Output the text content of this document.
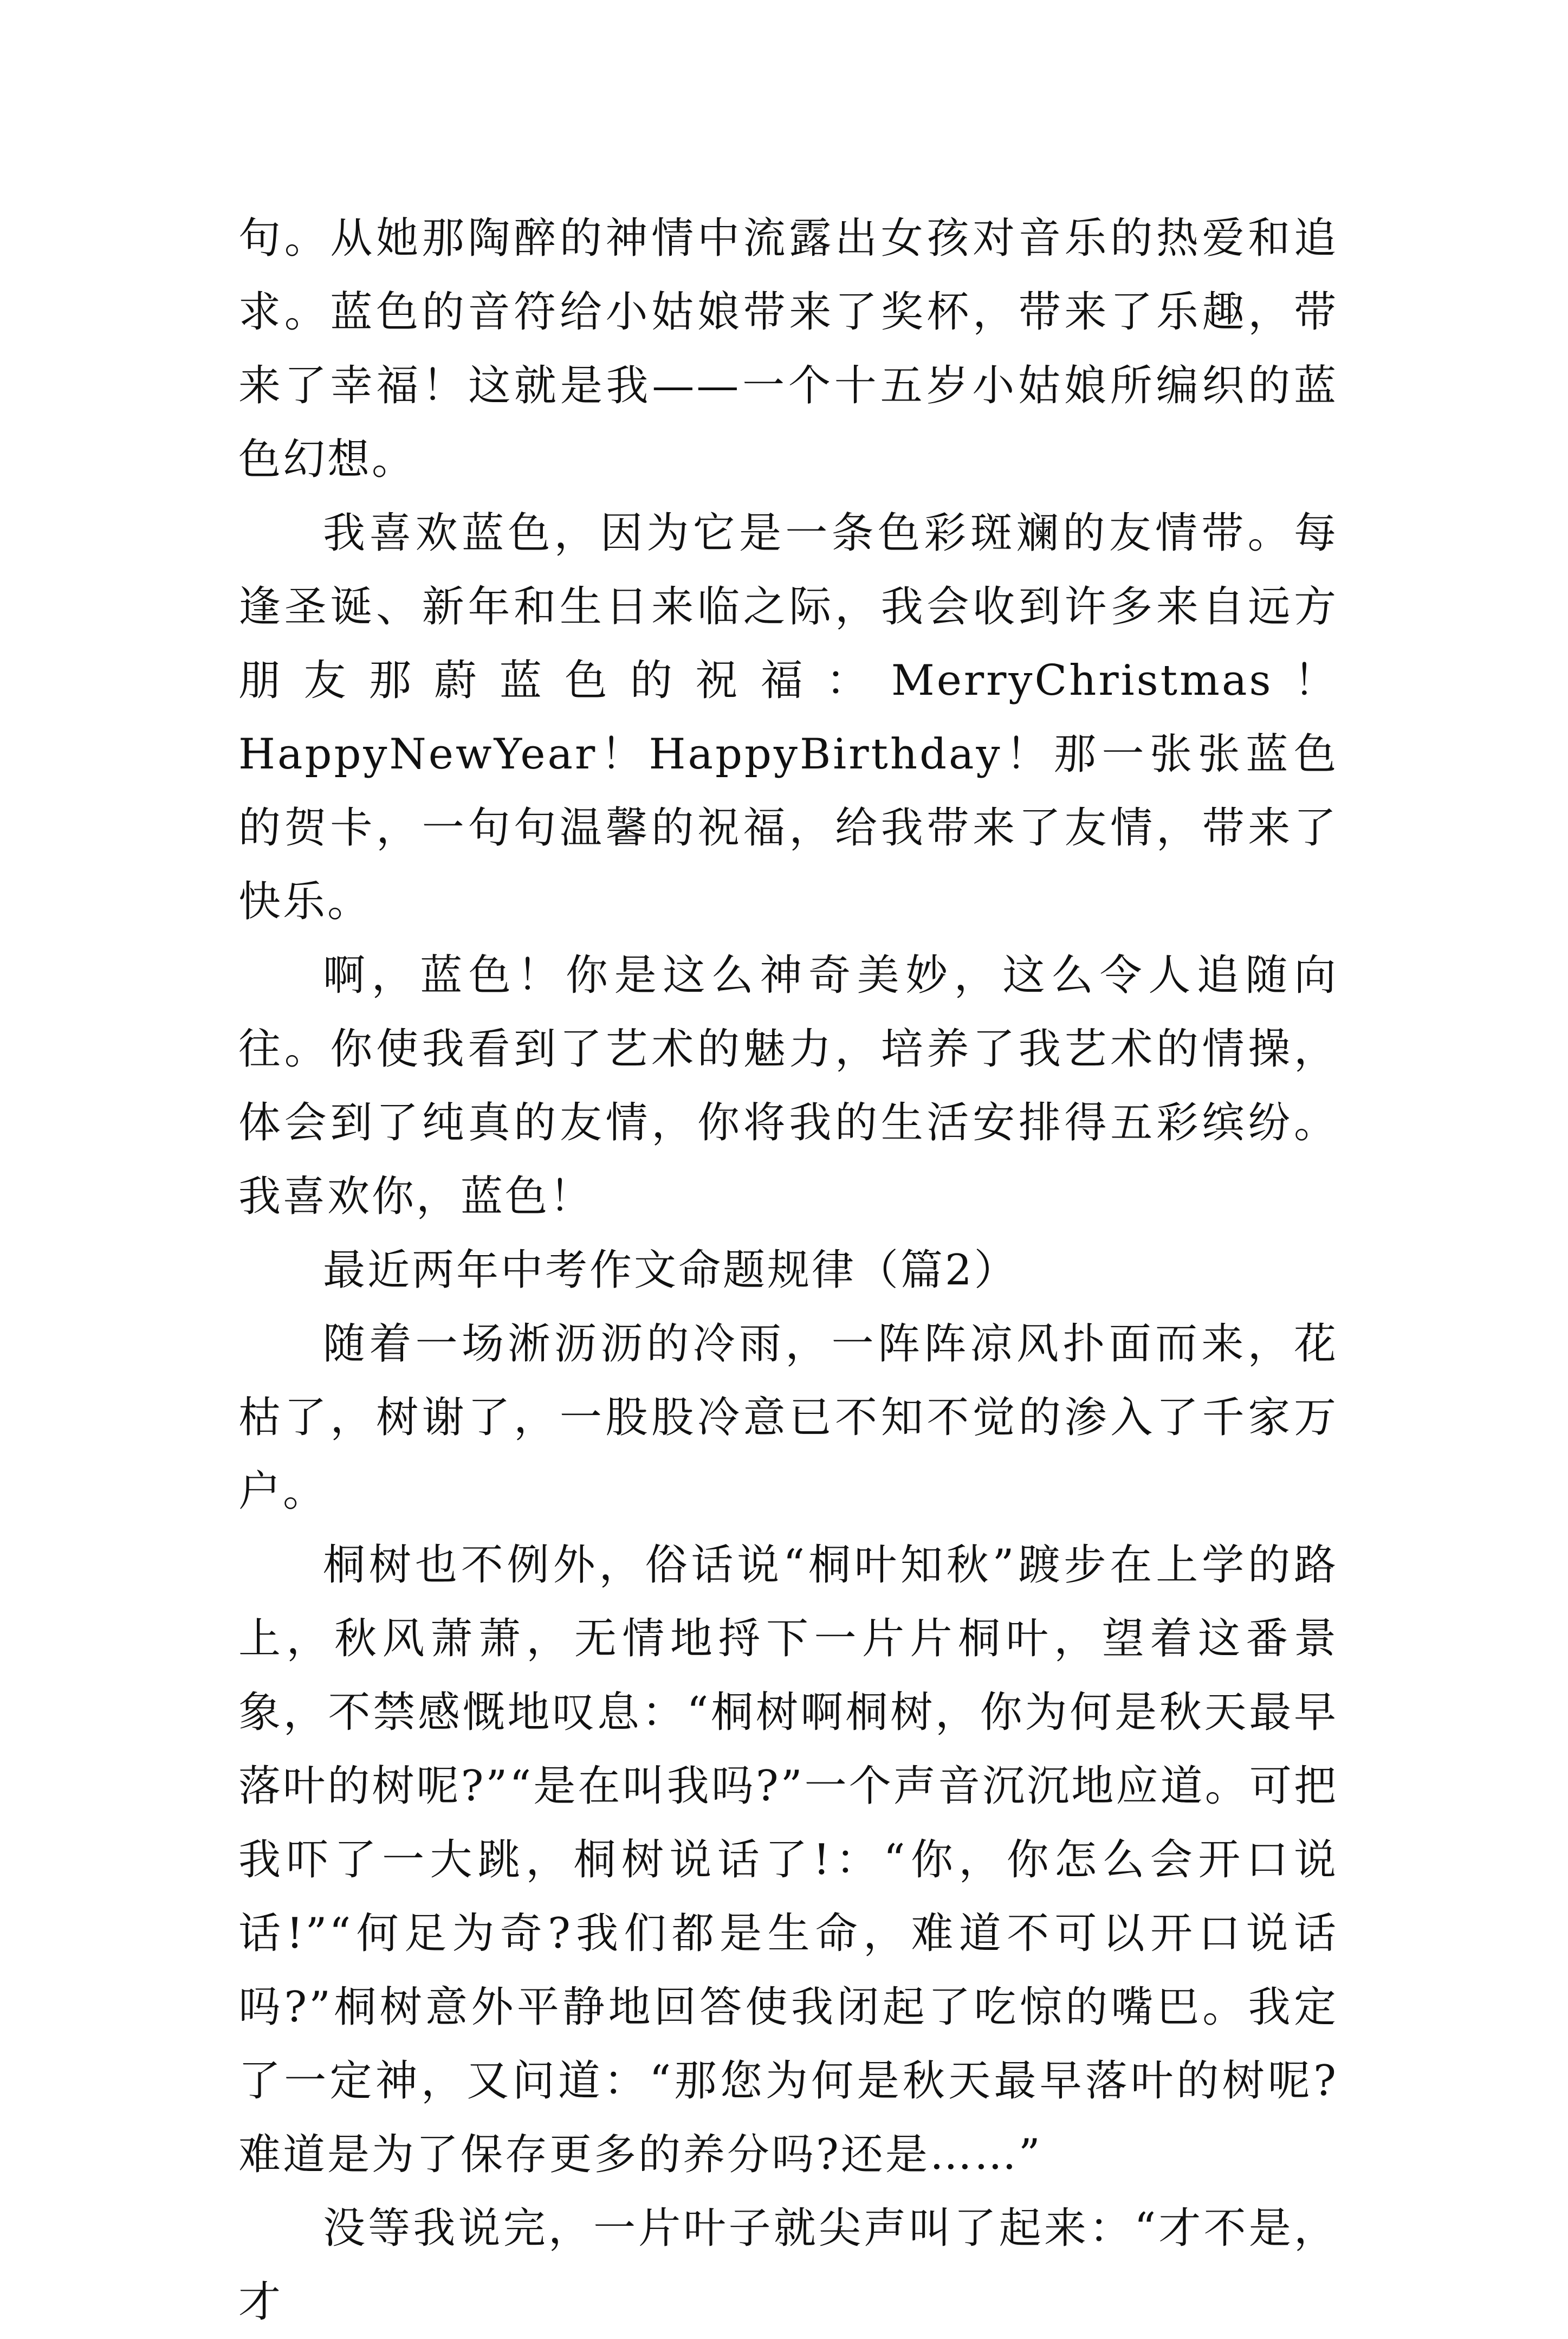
句。从她那陶醉的神情中流露出女孩对音乐的热爱和追求。蓝色的音符给小姑娘带来了奖杯，带来了乐趣，带来了幸福！这就是我——一个十五岁小姑娘所编织的蓝色幻想。

我喜欢蓝色，因为它是一条色彩斑斓的友情带。每逢圣诞、新年和生日来临之际，我会收到许多来自远方朋友那蔚蓝色的祝福：MerryChristmas！HappyNewYear！HappyBirthday！那一张张蓝色的贺卡，一句句温馨的祝福，给我带来了友情，带来了快乐。

啊，蓝色！你是这么神奇美妙，这么令人追随向往。你使我看到了艺术的魅力，培养了我艺术的情操，体会到了纯真的友情，你将我的生活安排得五彩缤纷。我喜欢你，蓝色！

最近两年中考作文命题规律（篇2）

随着一场淅沥沥的冷雨，一阵阵凉风扑面而来，花枯了，树谢了，一股股冷意已不知不觉的渗入了千家万户。

桐树也不例外，俗话说“桐叶知秋”踱步在上学的路上，秋风萧萧，无情地捋下一片片桐叶，望着这番景象，不禁感慨地叹息：“桐树啊桐树，你为何是秋天最早落叶的树呢?”“是在叫我吗?”一个声音沉沉地应道。可把我吓了一大跳，桐树说话了!：“你，你怎么会开口说话!”“何足为奇?我们都是生命，难道不可以开口说话吗?”桐树意外平静地回答使我闭起了吃惊的嘴巴。我定了一定神，又问道：“那您为何是秋天最早落叶的树呢?难道是为了保存更多的养分吗?还是……”

没等我说完，一片叶子就尖声叫了起来：“才不是，才
